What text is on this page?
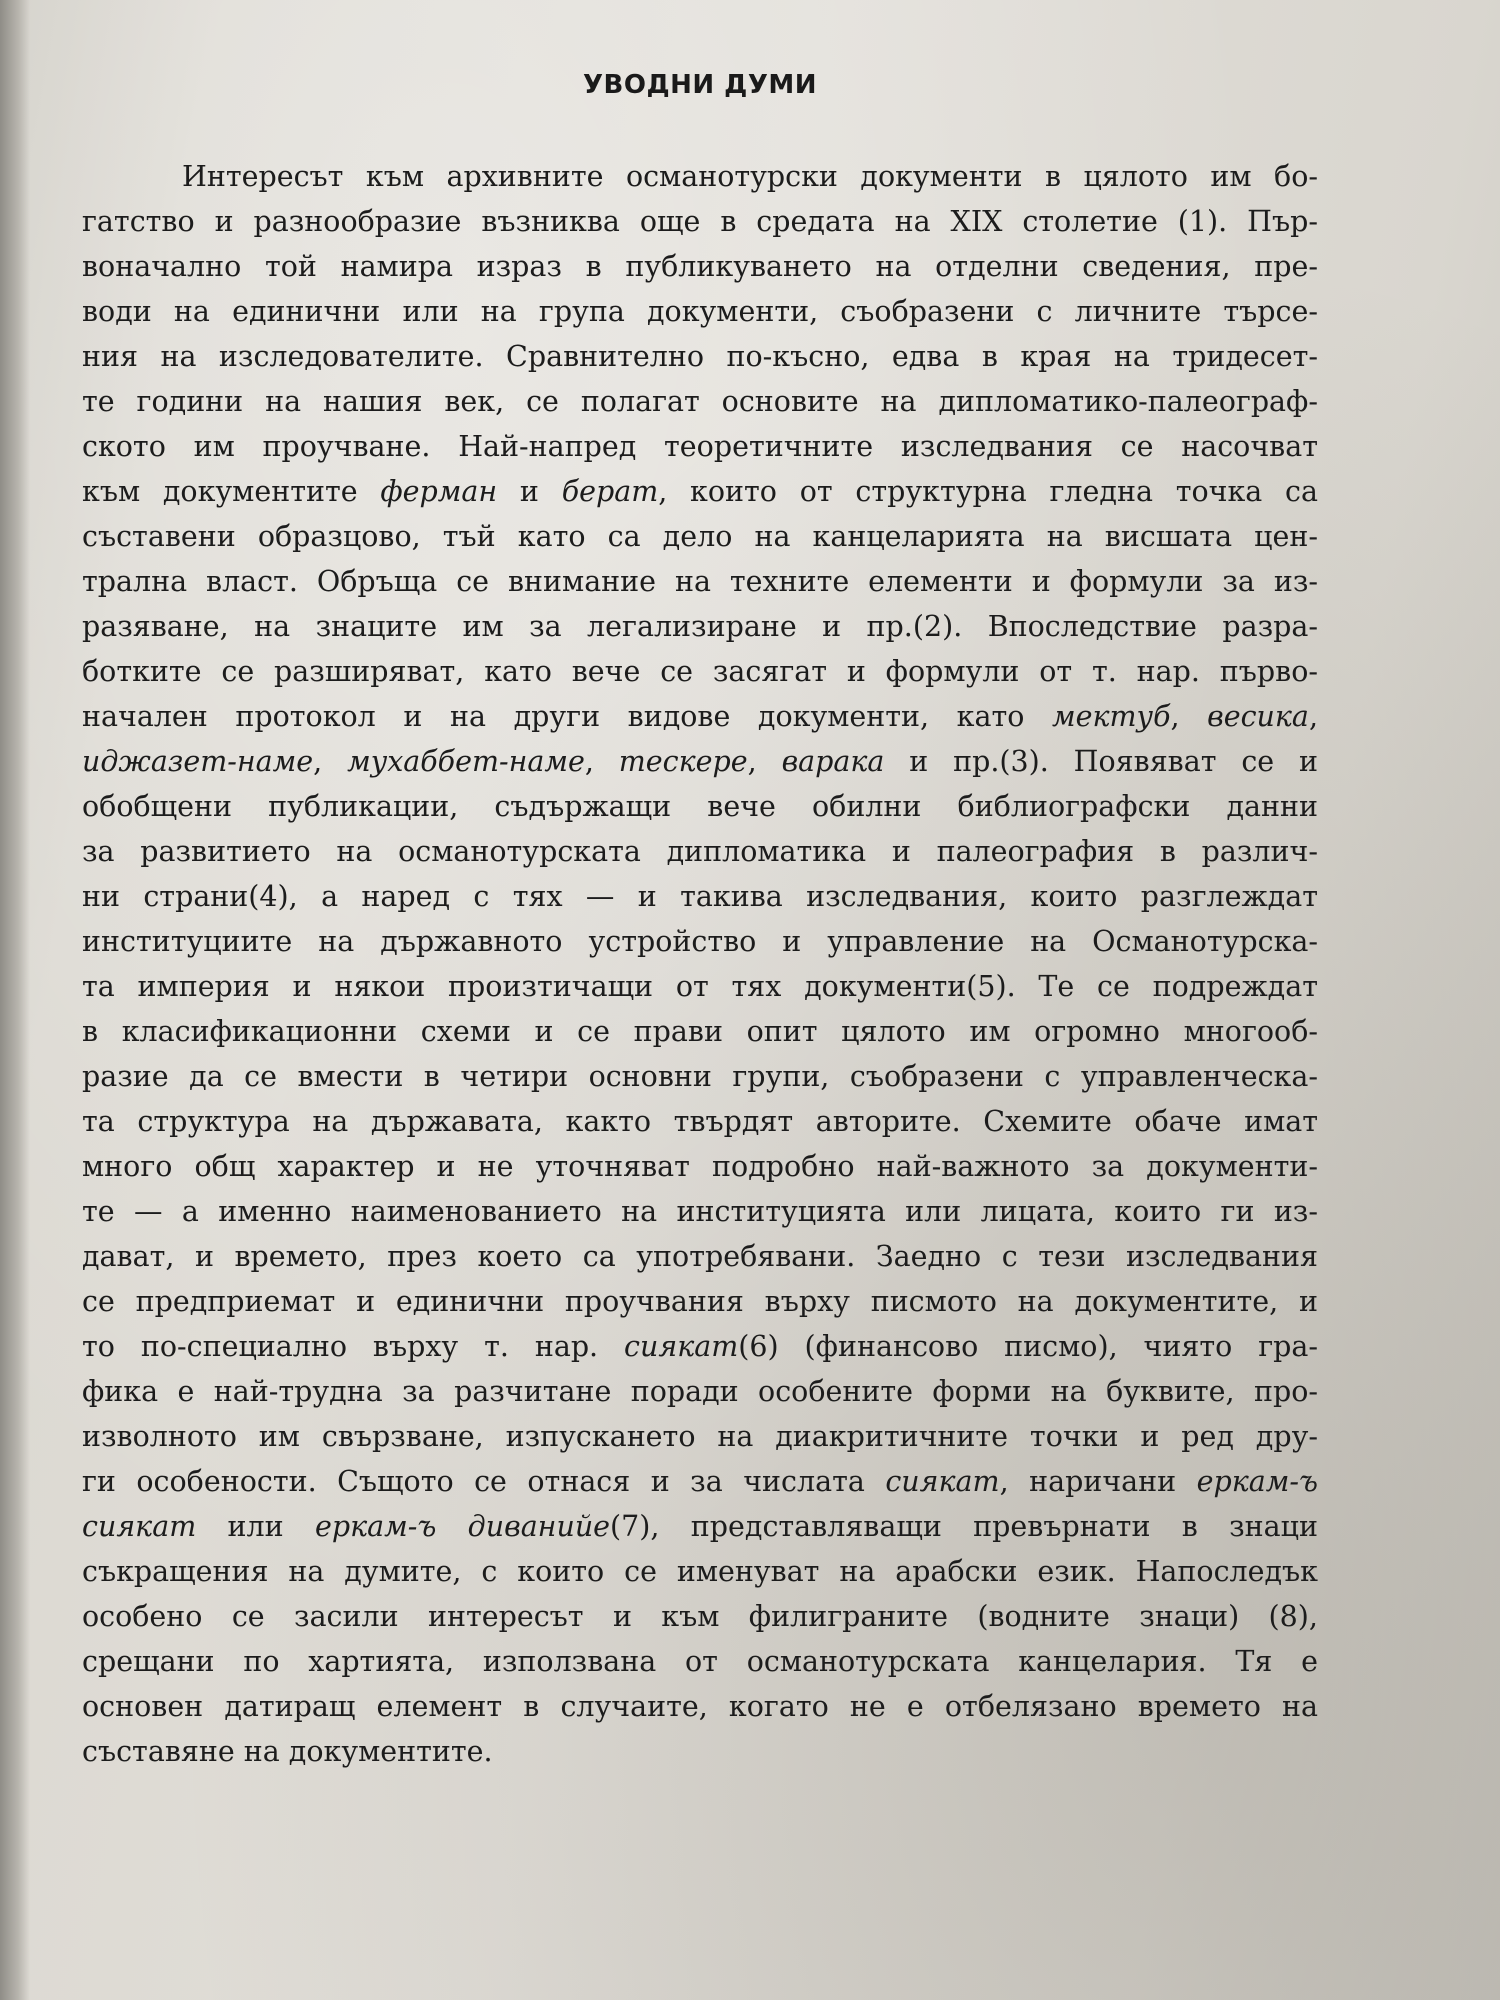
УВОДНИ ДУМИ
Интересът към архивните османотурски документи в цялото им бо-
гатство и разнообразие възниква още в средата на XIX столетие (1). Пър-
воначално той намира израз в публикуването на отделни сведения, пре-
води на единични или на група документи, съобразени с личните търсе-
ния на изследователите. Сравнително по-късно, едва в края на тридесет-
те години на нашия век, се полагат основите на дипломатико-палеограф-
ското им проучване. Най-напред теоретичните изследвания се насочват
към документите ферман и берат, които от структурна гледна точка са
съставени образцово, тъй като са дело на канцеларията на висшата цен-
трална власт. Обръща се внимание на техните елементи и формули за из-
разяване, на знаците им за легализиране и пр.(2). Впоследствие разра-
ботките се разширяват, като вече се засягат и формули от т. нар. първо-
начален протокол и на други видове документи, като мектуб, весика,
иджазет-наме, мухаббет-наме, тескере, варака и пр.(3). Появяват се и
обобщени публикации, съдържащи вече обилни библиографски данни
за развитието на османотурската дипломатика и палеография в различ-
ни страни(4), а наред с тях — и такива изследвания, които разглеждат
институциите на държавното устройство и управление на Османотурска-
та империя и някои произтичащи от тях документи(5). Те се подреждат
в класификационни схеми и се прави опит цялото им огромно многооб-
разие да се вмести в четири основни групи, съобразени с управленческа-
та структура на държавата, както твърдят авторите. Схемите обаче имат
много общ характер и не уточняват подробно най-важното за документи-
те — а именно наименованието на институцията или лицата, които ги из-
дават, и времето, през което са употребявани. Заедно с тези изследвания
се предприемат и единични проучвания върху писмото на документите, и
то по-специално върху т. нар. сиякат(6) (финансово писмо), чиято гра-
фика е най-трудна за разчитане поради особените форми на буквите, про-
изволното им свързване, изпускането на диакритичните точки и ред дру-
ги особености. Същото се отнася и за числата сиякат, наричани еркам-ъ
сиякат или еркам-ъ диванийе(7), представляващи превърнати в знаци
съкращения на думите, с които се именуват на арабски език. Напоследък
особено се засили интересът и към филиграните (водните знаци) (8),
срещани по хартията, използвана от османотурската канцелария. Тя е
основен датиращ елемент в случаите, когато не е отбелязано времето на
съставяне на документите.
